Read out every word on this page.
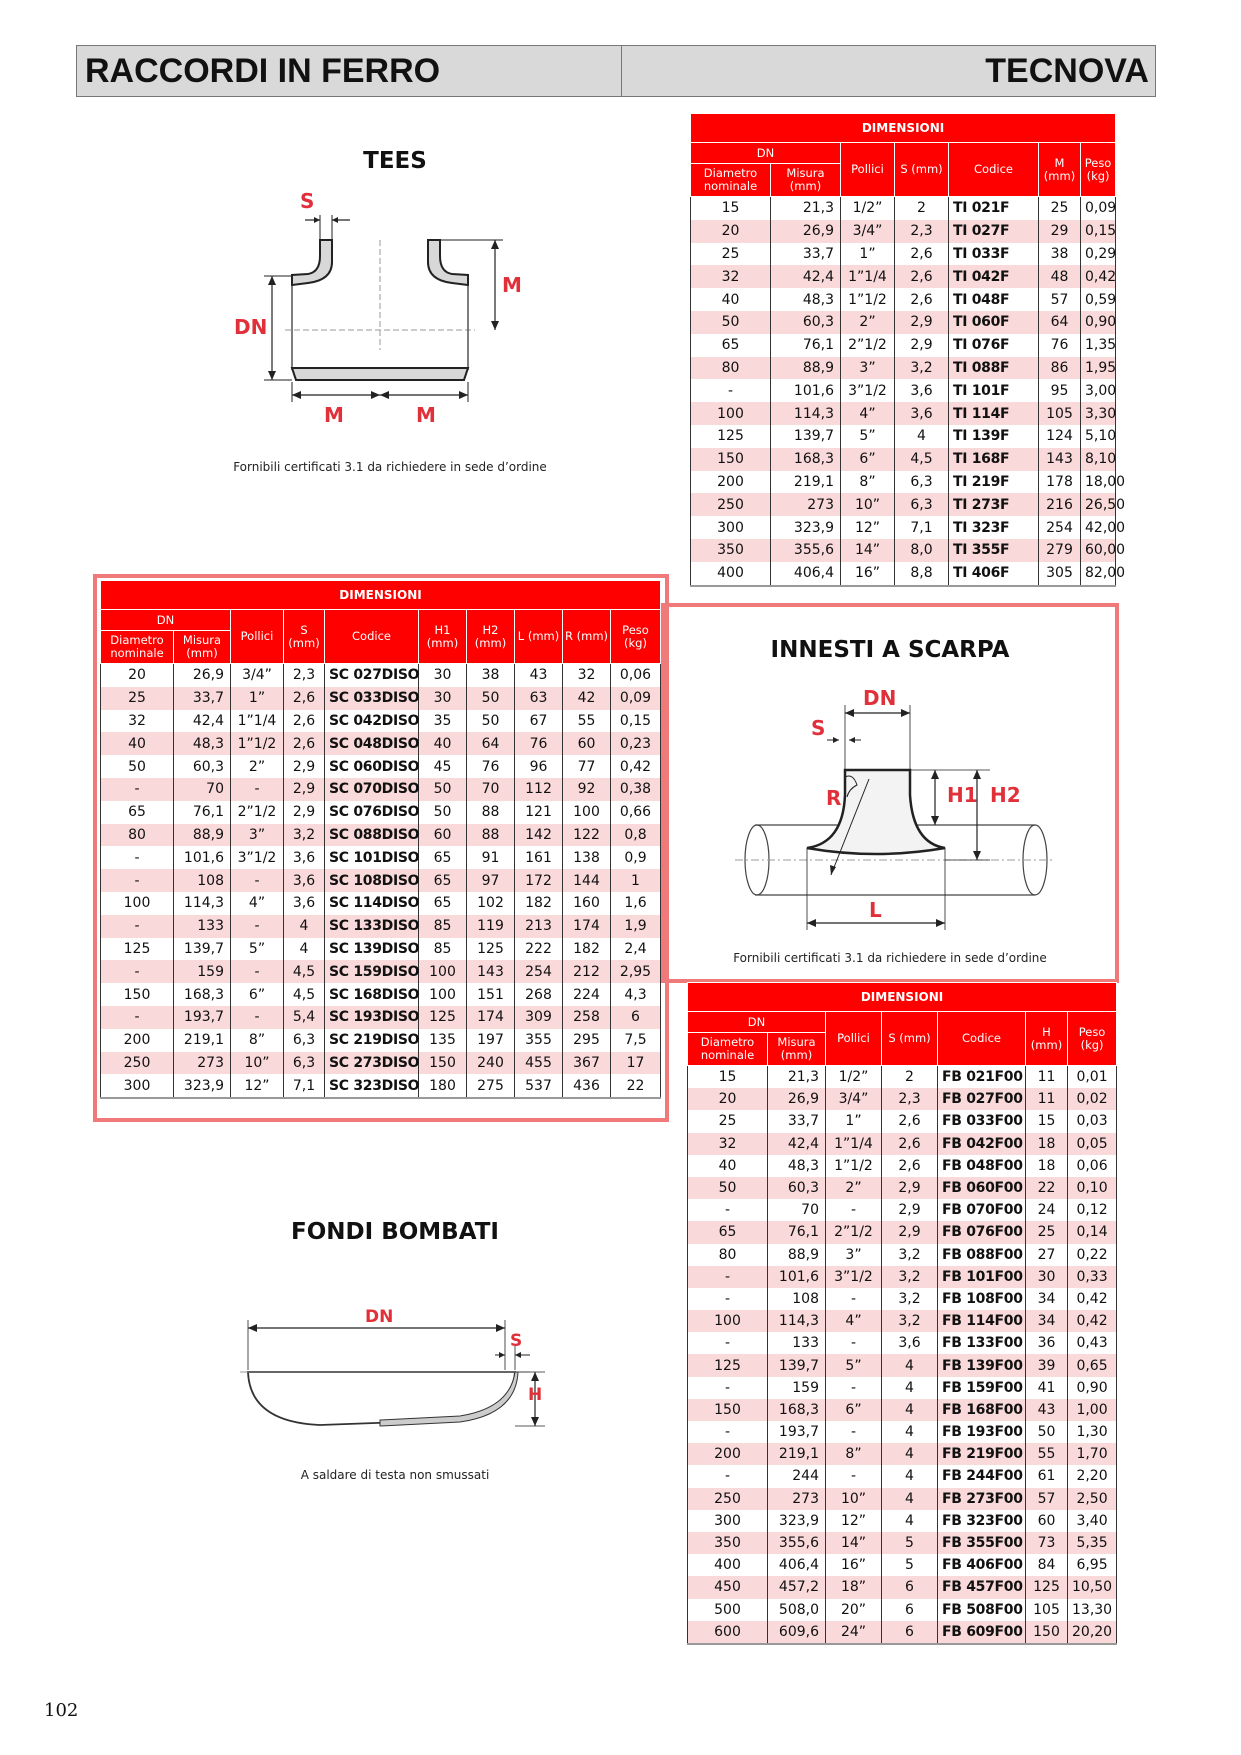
RACCORDI IN FERRO	TECNOVA
TEES
S
DN
M
M	M
Fornibili certificati 3.1 da richiedere in sede d’ordine
DIMENSIONI						
DN		Pollici	S (mm)	Codice	M (mm)	Peso (kg)
Diametro nominale	Misura (mm)					
15	21,3	1/2”	2	TI 021F	25	0,09
20	26,9	3/4”	2,3	TI 027F	29	0,15
25	33,7	1”	2,6	TI 033F	38	0,29
32	42,4	1”1/4	2,6	TI 042F	48	0,42
40	48,3	1”1/2	2,6	TI 048F	57	0,59
50	60,3	2”	2,9	TI 060F	64	0,90
65	76,1	2”1/2	2,9	TI 076F	76	1,35
80	88,9	3”	3,2	TI 088F	86	1,95
-	101,6	3”1/2	3,6	TI 101F	95	3,00
100	114,3	4”	3,6	TI 114F	105	3,30
125	139,7	5”	4	TI 139F	124	5,10
150	168,3	6”	4,5	TI 168F	143	8,10
200	219,1	8”	6,3	TI 219F	178	18,00
250	273	10”	6,3	TI 273F	216	26,50
300	323,9	12”	7,1	TI 323F	254	42,00
350	355,6	14”	8,0	TI 355F	279	60,00
400	406,4	16”	8,8	TI 406F	305	82,00
DIMENSIONI									
DN		Pollici	S (mm)	Codice	H1 (mm)	H2 (mm)	L (mm)	R (mm)	Peso (kg)
Diametro nominale	Misura (mm)								
20	26,9	3/4”	2,3	SC 027DISO	30	38	43	32	0,06
25	33,7	1”	2,6	SC 033DISO	30	50	63	42	0,09
32	42,4	1”1/4	2,6	SC 042DISO	35	50	67	55	0,15
40	48,3	1”1/2	2,6	SC 048DISO	40	64	76	60	0,23
50	60,3	2”	2,9	SC 060DISO	45	76	96	77	0,42
-	70	-	2,9	SC 070DISO	50	70	112	92	0,38
65	76,1	2”1/2	2,9	SC 076DISO	50	88	121	100	0,66
80	88,9	3”	3,2	SC 088DISO	60	88	142	122	0,8
-	101,6	3”1/2	3,6	SC 101DISO	65	91	161	138	0,9
-	108	-	3,6	SC 108DISO	65	97	172	144	1
100	114,3	4”	3,6	SC 114DISO	65	102	182	160	1,6
-	133	-	4	SC 133DISO	85	119	213	174	1,9
125	139,7	5”	4	SC 139DISO	85	125	222	182	2,4
-	159	-	4,5	SC 159DISO	100	143	254	212	2,95
150	168,3	6”	4,5	SC 168DISO	100	151	268	224	4,3
-	193,7	-	5,4	SC 193DISO	125	174	309	258	6
200	219,1	8”	6,3	SC 219DISO	135	197	355	295	7,5
250	273	10”	6,3	SC 273DISO	150	240	455	367	17
300	323,9	12”	7,1	SC 323DISO	180	275	537	436	22
INNESTI A SCARPA
DN
S
R	H1 H2
L
Fornibili certificati 3.1 da richiedere in sede d’ordine
FONDI BOMBATI
DN
S
H
A saldare di testa non smussati
DIMENSIONI						
DN		Pollici	S (mm)	Codice	H (mm)	Peso (kg)
Diametro nominale	Misura (mm)					
15	21,3	1/2”	2	FB 021F00	11	0,01
20	26,9	3/4”	2,3	FB 027F00	11	0,02
25	33,7	1”	2,6	FB 033F00	15	0,03
32	42,4	1”1/4	2,6	FB 042F00	18	0,05
40	48,3	1”1/2	2,6	FB 048F00	18	0,06
50	60,3	2”	2,9	FB 060F00	22	0,10
-	70	-	2,9	FB 070F00	24	0,12
65	76,1	2”1/2	2,9	FB 076F00	25	0,14
80	88,9	3”	3,2	FB 088F00	27	0,22
-	101,6	3”1/2	3,2	FB 101F00	30	0,33
-	108	-	3,2	FB 108F00	34	0,42
100	114,3	4”	3,2	FB 114F00	34	0,42
-	133	-	3,6	FB 133F00	36	0,43
125	139,7	5”	4	FB 139F00	39	0,65
-	159	-	4	FB 159F00	41	0,90
150	168,3	6”	4	FB 168F00	43	1,00
-	193,7	-	4	FB 193F00	50	1,30
200	219,1	8”	4	FB 219F00	55	1,70
-	244	-	4	FB 244F00	61	2,20
250	273	10”	4	FB 273F00	57	2,50
300	323,9	12”	4	FB 323F00	60	3,40
350	355,6	14”	5	FB 355F00	73	5,35
400	406,4	16”	5	FB 406F00	84	6,95
450	457,2	18”	6	FB 457F00	125	10,50
500	508,0	20”	6	FB 508F00	105	13,30
600	609,6	24”	6	FB 609F00	150	20,20
102
